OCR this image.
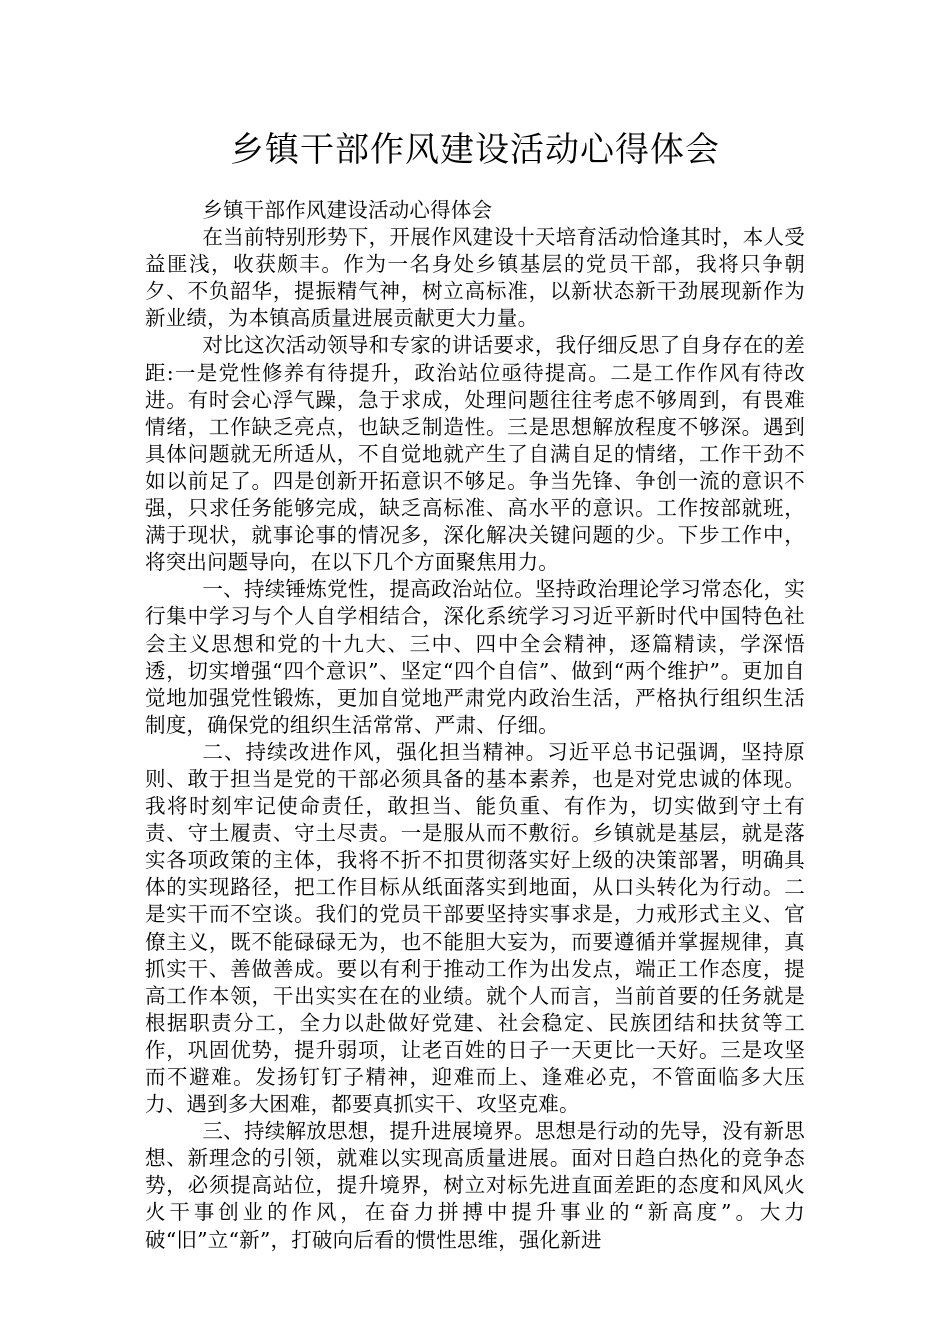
乡镇干部作风建设活动心得体会

乡镇干部作风建设活动心得体会

在当前特别形势下，开展作风建设十天培育活动恰逢其时，本人受益匪浅，收获颇丰。作为一名身处乡镇基层的党员干部，我将只争朝夕、不负韶华，提振精气神，树立高标准，以新状态新干劲展现新作为新业绩，为本镇高质量进展贡献更大力量。

对比这次活动领导和专家的讲话要求，我仔细反思了自身存在的差距:一是党性修养有待提升，政治站位亟待提高。二是工作作风有待改进。有时会心浮气躁，急于求成，处理问题往往考虑不够周到，有畏难情绪，工作缺乏亮点，也缺乏制造性。三是思想解放程度不够深。遇到具体问题就无所适从，不自觉地就产生了自满自足的情绪，工作干劲不如以前足了。四是创新开拓意识不够足。争当先锋、争创一流的意识不强，只求任务能够完成，缺乏高标准、高水平的意识。工作按部就班，满于现状，就事论事的情况多，深化解决关键问题的少。下步工作中，将突出问题导向，在以下几个方面聚焦用力。

一、持续锤炼党性，提高政治站位。坚持政治理论学习常态化，实行集中学习与个人自学相结合，深化系统学习习近平新时代中国特色社会主义思想和党的十九大、三中、四中全会精神，逐篇精读，学深悟透，切实增强“四个意识”、坚定“四个自信”、做到“两个维护”。更加自觉地加强党性锻炼，更加自觉地严肃党内政治生活，严格执行组织生活制度，确保党的组织生活常常、严肃、仔细。

二、持续改进作风，强化担当精神。习近平总书记强调，坚持原则、敢于担当是党的干部必须具备的基本素养，也是对党忠诚的体现。我将时刻牢记使命责任，敢担当、能负重、有作为，切实做到守土有责、守土履责、守土尽责。一是服从而不敷衍。乡镇就是基层，就是落实各项政策的主体，我将不折不扣贯彻落实好上级的决策部署，明确具体的实现路径，把工作目标从纸面落实到地面，从口头转化为行动。二是实干而不空谈。我们的党员干部要坚持实事求是，力戒形式主义、官僚主义，既不能碌碌无为，也不能胆大妄为，而要遵循并掌握规律，真抓实干、善做善成。要以有利于推动工作为出发点，端正工作态度，提高工作本领，干出实实在在的业绩。就个人而言，当前首要的任务就是根据职责分工，全力以赴做好党建、社会稳定、民族团结和扶贫等工作，巩固优势，提升弱项，让老百姓的日子一天更比一天好。三是攻坚而不避难。发扬钉钉子精神，迎难而上、逢难必克，不管面临多大压力、遇到多大困难，都要真抓实干、攻坚克难。

三、持续解放思想，提升进展境界。思想是行动的先导，没有新思想、新理念的引领，就难以实现高质量进展。面对日趋白热化的竞争态势，必须提高站位，提升境界，树立对标先进直面差距的态度和风风火火干事创业的作风，在奋力拼搏中提升事业的“新高度”。大力破“旧”立“新”，打破向后看的惯性思维，强化新进
